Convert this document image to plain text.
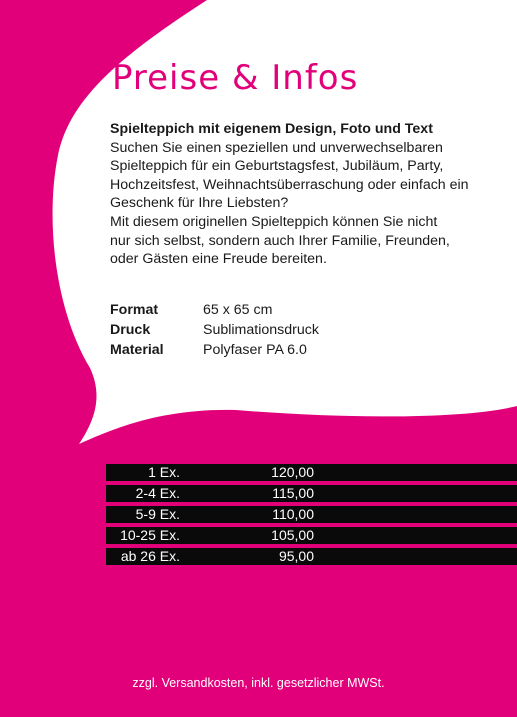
Preise & Infos
Spielteppich mit eigenem Design, Foto und Text
Suchen Sie einen speziellen und unverwechselbaren
Spielteppich für ein Geburtstagsfest, Jubiläum, Party,
Hochzeitsfest, Weihnachtsüberraschung oder einfach ein
Geschenk für Ihre Liebsten?
Mit diesem originellen Spielteppich können Sie nicht
nur sich selbst, sondern auch Ihrer Familie, Freunden,
oder Gästen eine Freude bereiten.
Format	65 x 65 cm
Druck	Sublimationsdruck
Material	Polyfaser PA 6.0
1 Ex.	120,00
2-4 Ex.	115,00
5-9 Ex.	110,00
10-25 Ex.	105,00
ab 26 Ex.	95,00
zzgl. Versandkosten, inkl. gesetzlicher MWSt.
